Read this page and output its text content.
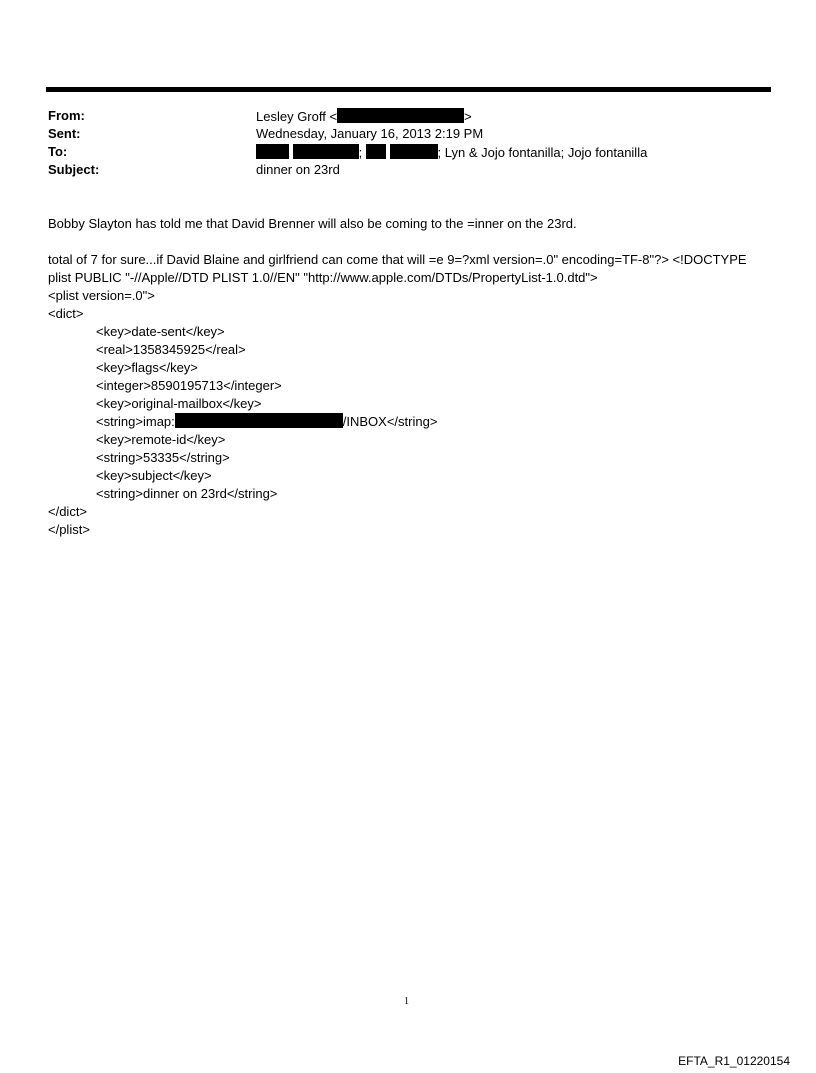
From:	Lesley Groff <	>
Sent:	Wednesday, January 16, 2013 2:19 PM
To:	;	; Lyn & Jojo fontanilla; Jojo fontanilla
Subject:	dinner on 23rd
Bobby Slayton has told me that David Brenner will also be coming to the =inner on the 23rd.
total of 7 for sure...if David Blaine and girlfriend can come that will =e 9=?xml version=.0" encoding=TF-8"?> <!DOCTYPE
plist PUBLIC "-//Apple//DTD PLIST 1.0//EN" "http://www.apple.com/DTDs/PropertyList-1.0.dtd">
<plist version=.0">
<dict>
<key>date-sent</key>
<real>1358345925</real>
<key>flags</key>
<integer>8590195713</integer>
<key>original-mailbox</key>
<string>imap:	/INBOX</string>
<key>remote-id</key>
<string>53335</string>
<key>subject</key>
<string>dinner on 23rd</string>
</dict>
</plist>
1
EFTA_R1_01220154
